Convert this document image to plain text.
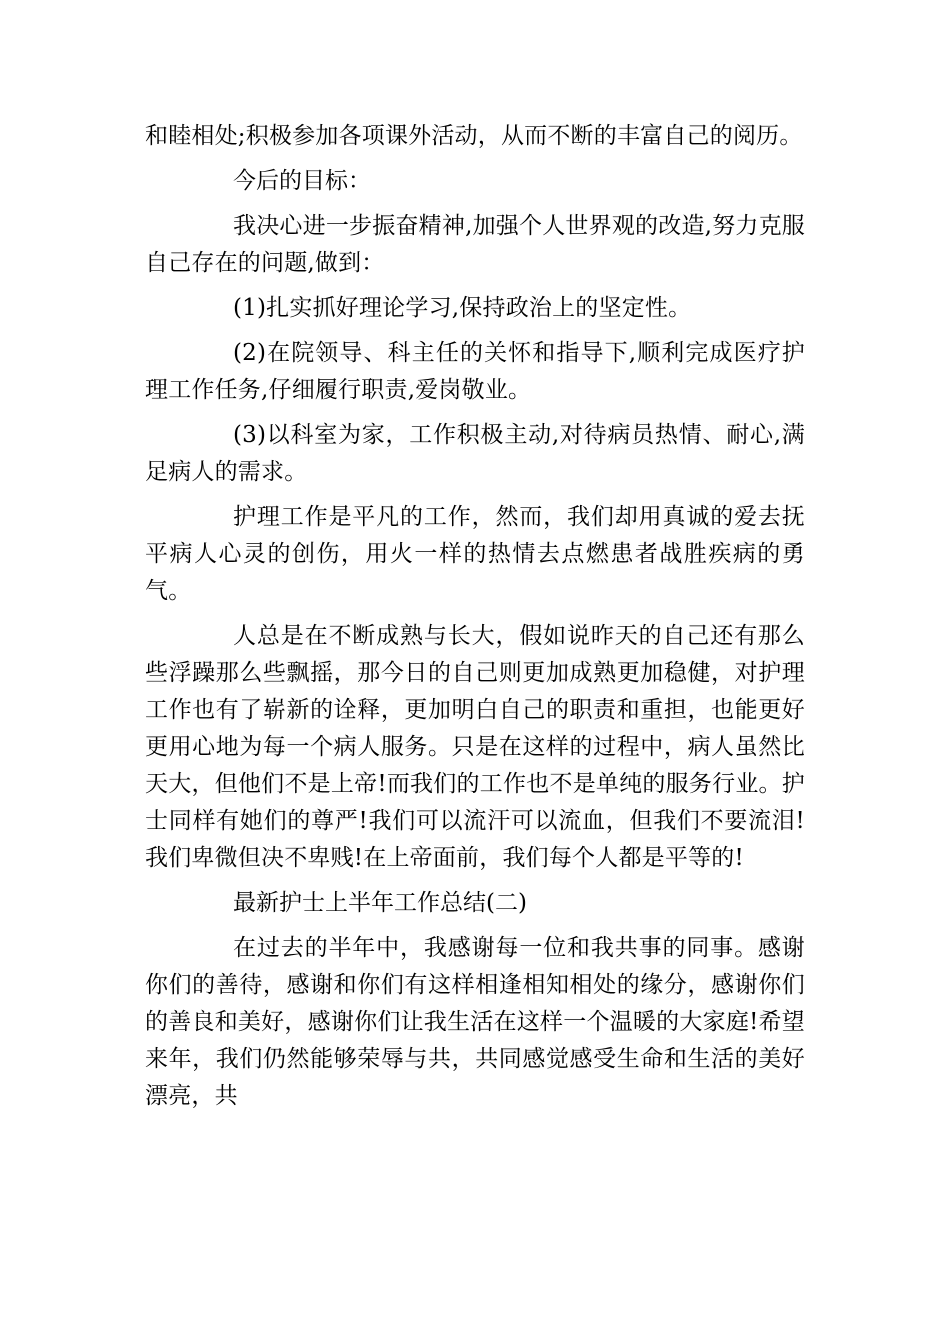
和睦相处;积极参加各项课外活动，从而不断的丰富自己的阅历。

今后的目标：

我决心进一步振奋精神,加强个人世界观的改造,努力克服自己存在的问题,做到：

(1)扎实抓好理论学习,保持政治上的坚定性。

(2)在院领导、科主任的关怀和指导下,顺利完成医疗护理工作任务,仔细履行职责,爱岗敬业。

(3)以科室为家，工作积极主动,对待病员热情、耐心,满足病人的需求。

护理工作是平凡的工作，然而，我们却用真诚的爱去抚平病人心灵的创伤，用火一样的热情去点燃患者战胜疾病的勇气。

人总是在不断成熟与长大，假如说昨天的自己还有那么些浮躁那么些飘摇，那今日的自己则更加成熟更加稳健，对护理工作也有了崭新的诠释，更加明白自己的职责和重担，也能更好更用心地为每一个病人服务。只是在这样的过程中，病人虽然比天大，但他们不是上帝!而我们的工作也不是单纯的服务行业。护士同样有她们的尊严!我们可以流汗可以流血，但我们不要流泪!我们卑微但决不卑贱!在上帝面前，我们每个人都是平等的!

最新护士上半年工作总结(二)

在过去的半年中，我感谢每一位和我共事的同事。感谢你们的善待，感谢和你们有这样相逢相知相处的缘分，感谢你们的善良和美好，感谢你们让我生活在这样一个温暖的大家庭!希望来年，我们仍然能够荣辱与共，共同感觉感受生命和生活的美好漂亮，共
